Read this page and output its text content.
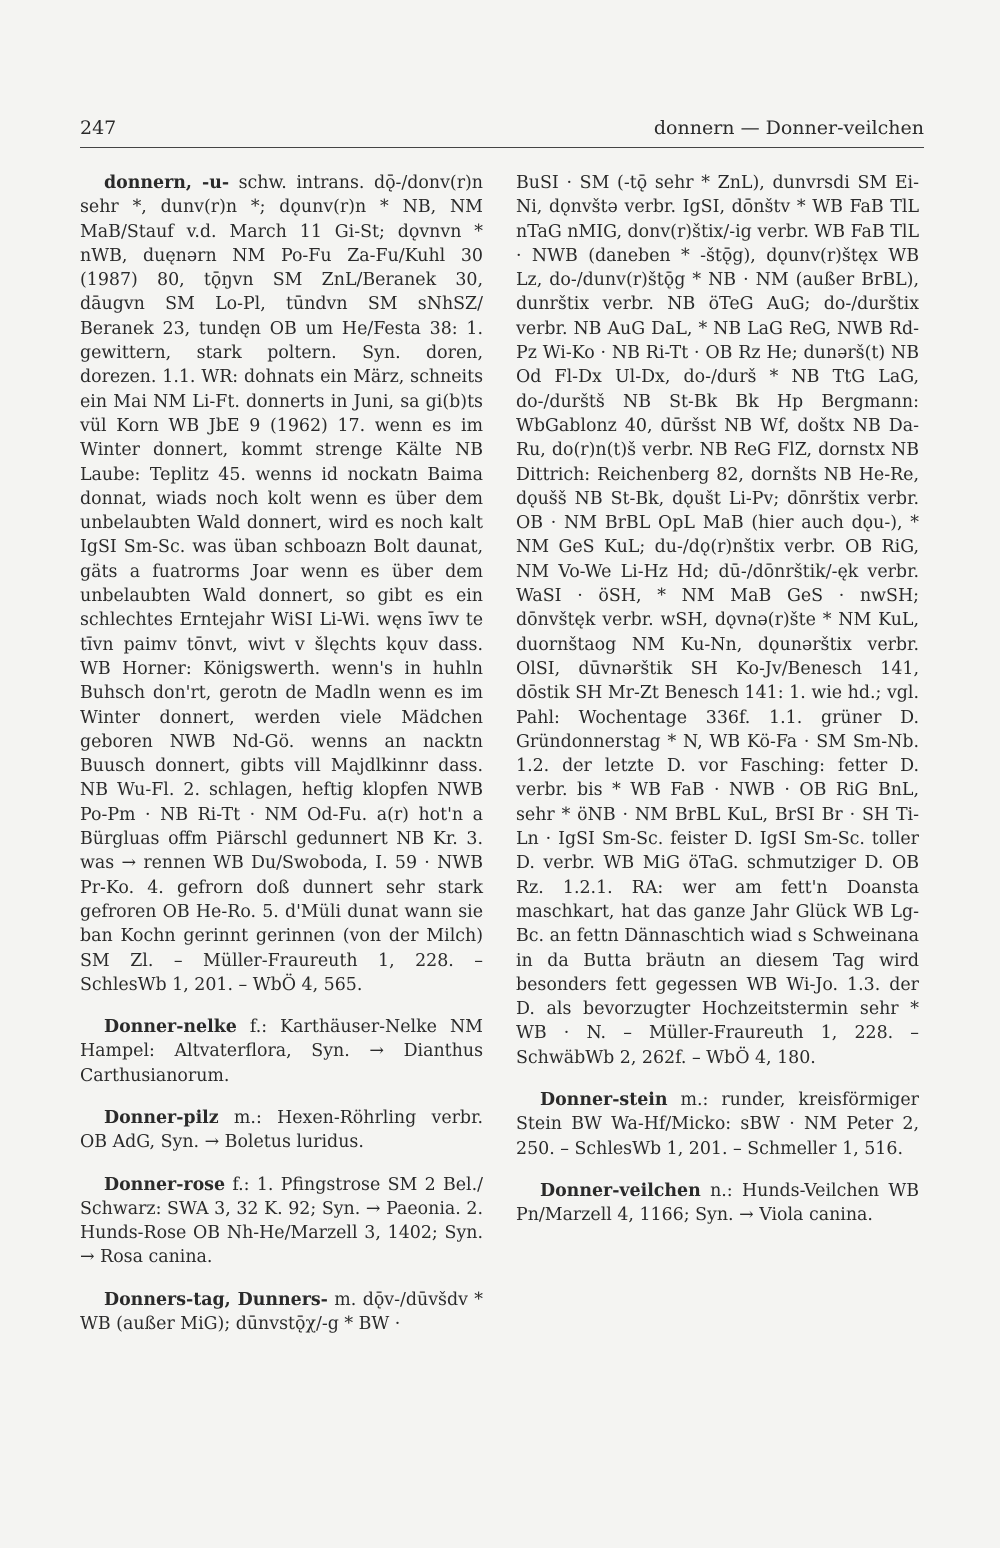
247	donnern — Donner-veilchen

donnern, -u- schw. intrans. dǭ-/donv(r)n sehr *, dunv(r)n *; dǫunv(r)n * NB, NM MaB/Stauf v.d. March 11 Gi-St; dǫvnvn * nWB, duęnərn NM Po-Fu Za-Fu/Kuhl 30 (1987) 80, tǭŋvn SM ZnL/Beranek 30, dāugvn SM Lo-Pl, tūndvn SM sNhSZ/ Beranek 23, tundęn OB um He/Festa 38: 1. gewittern, stark poltern. Syn. doren, dorezen. 1.1. WR: dohnats ein März, schneits ein Mai NM Li-Ft. donnerts in Juni, sa gi(b)ts vül Korn WB JbE 9 (1962) 17. wenn es im Winter donnert, kommt strenge Kälte NB Laube: Teplitz 45. wenns id nockatn Baima donnat, wiads noch kolt wenn es über dem unbelaubten Wald donnert, wird es noch kalt IgSI Sm-Sc. was üban schboazn Bolt daunat, gäts a fuatrorms Joar wenn es über dem unbelaubten Wald donnert, so gibt es ein schlechtes Erntejahr WiSI Li-Wi. węns īwv te tīvn paimv tōnvt, wivt v šlęchts kǫuv dass. WB Horner: Königswerth. wenn's in huhln Buhsch don'rt, gerotn de Madln wenn es im Winter donnert, werden viele Mädchen geboren NWB Nd-Gö. wenns an nacktn Buusch donnert, gibts vill Majdlkinnr dass. NB Wu-Fl. 2. schlagen, heftig klopfen NWB Po-Pm · NB Ri-Tt · NM Od-Fu. a(r) hot'n a Bürgluas offm Piärschl gedunnert NB Kr. 3. was → rennen WB Du/Swoboda, I. 59 · NWB Pr-Ko. 4. gefrorn doß dunnert sehr stark gefroren OB He-Ro. 5. d'Müli dunat wann sie ban Kochn gerinnt gerinnen (von der Milch) SM Zl. – Müller-Fraureuth 1, 228. – SchlesWb 1, 201. – WbÖ 4, 565.

Donner-nelke f.: Karthäuser-Nelke NM Hampel: Altvaterflora, Syn. → Dianthus Carthusianorum.

Donner-pilz m.: Hexen-Röhrling verbr. OB AdG, Syn. → Boletus luridus.

Donner-rose f.: 1. Pfingstrose SM 2 Bel./ Schwarz: SWA 3, 32 K. 92; Syn. → Paeonia. 2. Hunds-Rose OB Nh-He/Marzell 3, 1402; Syn. → Rosa canina.

Donners-tag, Dunners- m. dǭv-/dūvšdv * WB (außer MiG); dūnvstǭχ/-g * BW ·

BuSI · SM (-tǭ sehr * ZnL), dunvrsdi SM Ei-Ni, dǫnvštə verbr. IgSI, dōnštv * WB FaB TlL nTaG nMIG, donv(r)štix/-ig verbr. WB FaB TlL · NWB (daneben * -štǭg), dǫunv(r)štęx WB Lz, do-/dunv(r)štǭg * NB · NM (außer BrBL), dunrštix verbr. NB öTeG AuG; do-/durštix verbr. NB AuG DaL, * NB LaG ReG, NWB Rd-Pz Wi-Ko · NB Ri-Tt · OB Rz He; dunərš(t) NB Od Fl-Dx Ul-Dx, do-/durš * NB TtG LaG, do-/durštš NB St-Bk Bk Hp Bergmann: WbGablonz 40, dūršst NB Wf, doštx NB Da-Ru, do(r)n(t)š verbr. NB ReG FlZ, dornstx NB Dittrich: Reichenberg 82, dornšts NB He-Re, dǫušš NB St-Bk, dǫušt Li-Pv; dōnrštix verbr. OB · NM BrBL OpL MaB (hier auch dǫu-), * NM GeS KuL; du-/dǫ(r)nštix verbr. OB RiG, NM Vo-We Li-Hz Hd; dū-/dōnrštik/-ęk verbr. WaSI · öSH, * NM MaB GeS · nwSH; dōnvštęk verbr. wSH, dǫvnə(r)šte * NM KuL, duornštaog NM Ku-Nn, dǫunərštix verbr. OlSI, dūvnərštik SH Ko-Jv/Benesch 141, dōstik SH Mr-Zt Benesch 141: 1. wie hd.; vgl. Pahl: Wochentage 336f. 1.1. grüner D. Gründonnerstag * N, WB Kö-Fa · SM Sm-Nb. 1.2. der letzte D. vor Fasching: fetter D. verbr. bis * WB FaB · NWB · OB RiG BnL, sehr * öNB · NM BrBL KuL, BrSI Br · SH Ti-Ln · IgSI Sm-Sc. feister D. IgSI Sm-Sc. toller D. verbr. WB MiG öTaG. schmutziger D. OB Rz. 1.2.1. RA: wer am fett'n Doansta maschkart, hat das ganze Jahr Glück WB Lg-Bc. an fettn Dännaschtich wiad s Schweinana in da Butta bräutn an diesem Tag wird besonders fett gegessen WB Wi-Jo. 1.3. der D. als bevorzugter Hochzeitstermin sehr * WB · N. – Müller-Fraureuth 1, 228. – SchwäbWb 2, 262f. – WbÖ 4, 180.

Donner-stein m.: runder, kreisförmiger Stein BW Wa-Hf/Micko: sBW · NM Peter 2, 250. – SchlesWb 1, 201. – Schmeller 1, 516.

Donner-veilchen n.: Hunds-Veilchen WB Pn/Marzell 4, 1166; Syn. → Viola canina.
